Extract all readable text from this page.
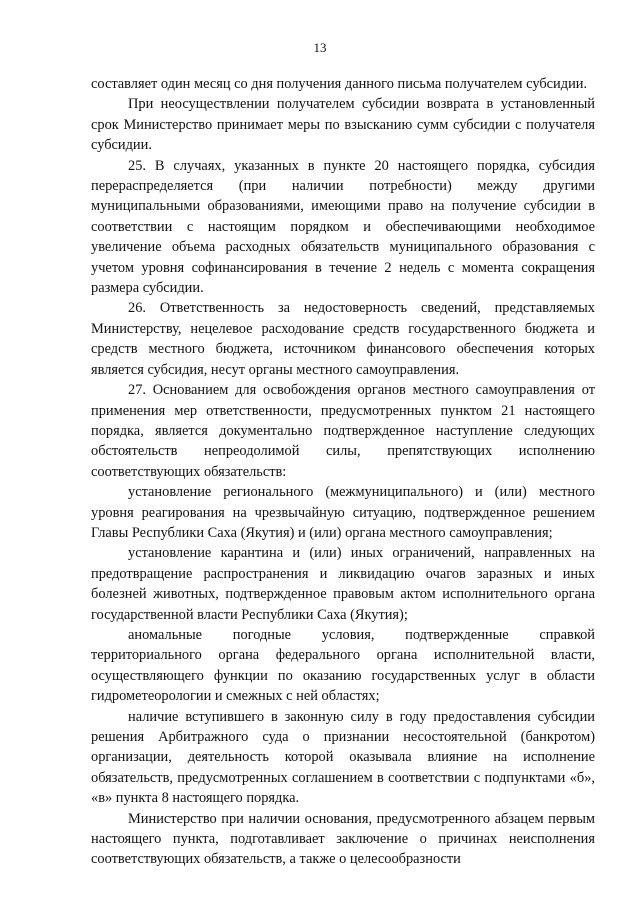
13

составляет один месяц со дня получения данного письма получателем субсидии.

При неосуществлении получателем субсидии возврата в установленный срок Министерство принимает меры по взысканию сумм субсидии с получателя субсидии.

25. В случаях, указанных в пункте 20 настоящего порядка, субсидия перераспределяется (при наличии потребности) между другими муниципальными образованиями, имеющими право на получение субсидии в соответствии с настоящим порядком и обеспечивающими необходимое увеличение объема расходных обязательств муниципального образования с учетом уровня софинансирования в течение 2 недель с момента сокращения размера субсидии.

26. Ответственность за недостоверность сведений, представляемых Министерству, нецелевое расходование средств государственного бюджета и средств местного бюджета, источником финансового обеспечения которых является субсидия, несут органы местного самоуправления.

27. Основанием для освобождения органов местного самоуправления от применения мер ответственности, предусмотренных пунктом 21 настоящего порядка, является документально подтвержденное наступление следующих обстоятельств непреодолимой силы, препятствующих исполнению соответствующих обязательств:

установление регионального (межмуниципального) и (или) местного уровня реагирования на чрезвычайную ситуацию, подтвержденное решением Главы Республики Саха (Якутия) и (или) органа местного самоуправления;

установление карантина и (или) иных ограничений, направленных на предотвращение распространения и ликвидацию очагов заразных и иных болезней животных, подтвержденное правовым актом исполнительного органа государственной власти Республики Саха (Якутия);

аномальные погодные условия, подтвержденные справкой территориального органа федерального органа исполнительной власти, осуществляющего функции по оказанию государственных услуг в области гидрометеорологии и смежных с ней областях;

наличие вступившего в законную силу в году предоставления субсидии решения Арбитражного суда о признании несостоятельной (банкротом) организации, деятельность которой оказывала влияние на исполнение обязательств, предусмотренных соглашением в соответствии с подпунктами «б», «в» пункта 8 настоящего порядка.

Министерство при наличии основания, предусмотренного абзацем первым настоящего пункта, подготавливает заключение о причинах неисполнения соответствующих обязательств, а также о целесообразности
